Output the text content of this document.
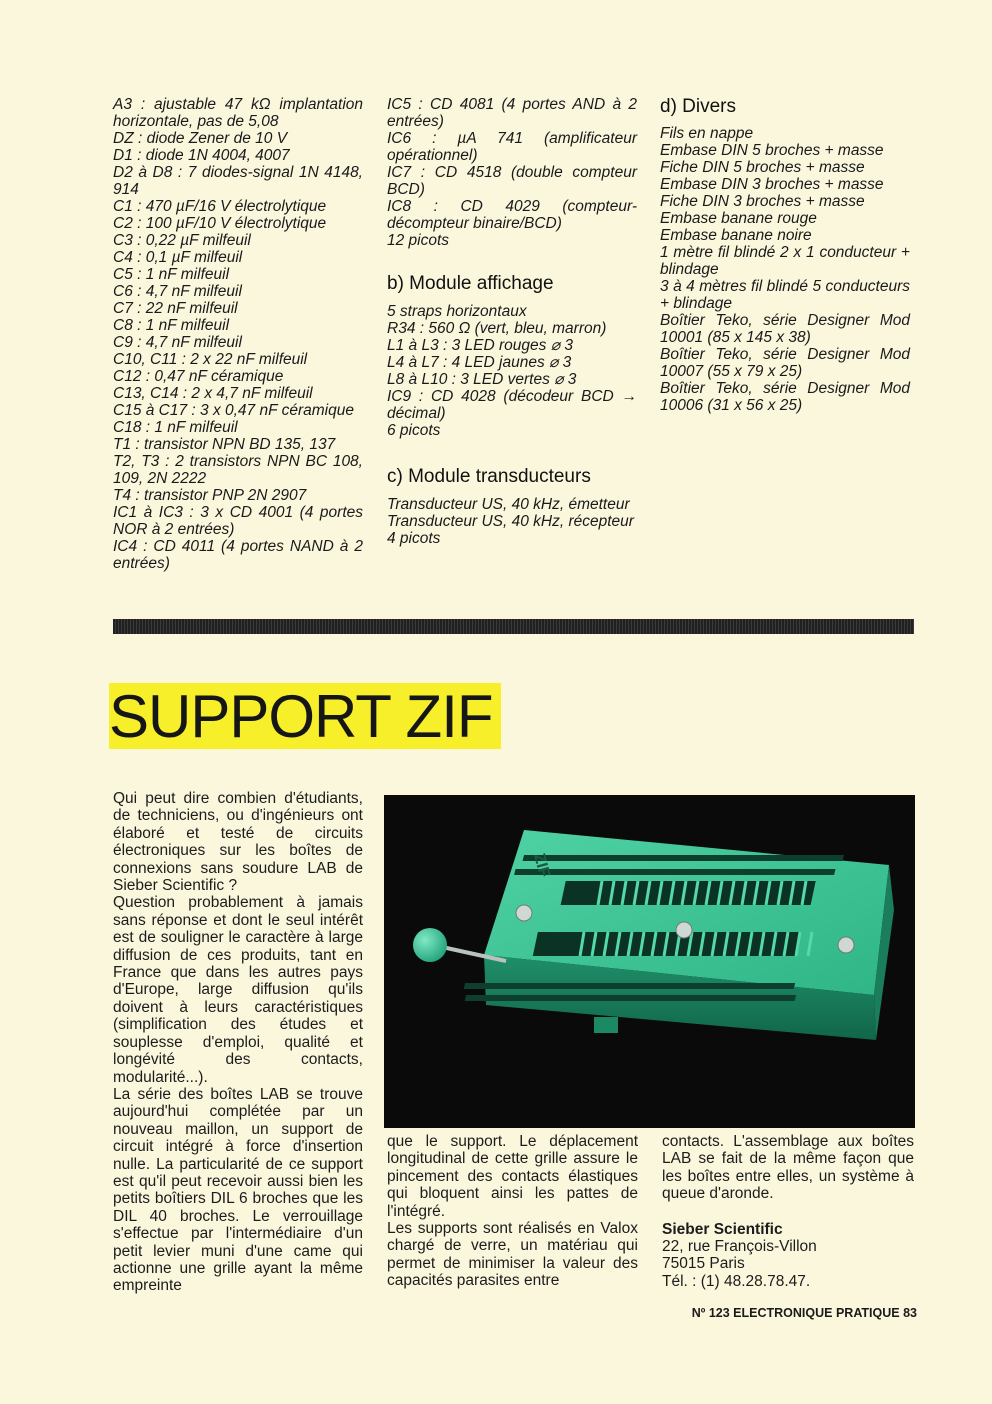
A3 : ajustable 47 kΩ implantation horizontale, pas de 5,08
DZ : diode Zener de 10 V
D1 : diode 1N 4004, 4007
D2 à D8 : 7 diodes-signal 1N 4148, 914
C1 : 470 µF/16 V électrolytique
C2 : 100 µF/10 V électrolytique
C3 : 0,22 µF milfeuil
C4 : 0,1 µF milfeuil
C5 : 1 nF milfeuil
C6 : 4,7 nF milfeuil
C7 : 22 nF milfeuil
C8 : 1 nF milfeuil
C9 : 4,7 nF milfeuil
C10, C11 : 2 x 22 nF milfeuil
C12 : 0,47 nF céramique
C13, C14 : 2 x 4,7 nF milfeuil
C15 à C17 : 3 x 0,47 nF céramique
C18 : 1 nF milfeuil
T1 : transistor NPN BD 135, 137
T2, T3 : 2 transistors NPN BC 108, 109, 2N 2222
T4 : transistor PNP 2N 2907
IC1 à IC3 : 3 x CD 4001 (4 portes NOR à 2 entrées)
IC4 : CD 4011 (4 portes NAND à 2 entrées)
IC5 : CD 4081 (4 portes AND à 2 entrées)
IC6 : µA 741 (amplificateur opérationnel)
IC7 : CD 4518 (double compteur BCD)
IC8 : CD 4029 (compteur-décompteur binaire/BCD)
12 picots
b) Module affichage
5 straps horizontaux
R34 : 560 Ω (vert, bleu, marron)
L1 à L3 : 3 LED rouges ⌀ 3
L4 à L7 : 4 LED jaunes ⌀ 3
L8 à L10 : 3 LED vertes ⌀ 3
IC9 : CD 4028 (décodeur BCD → décimal)
6 picots
c) Module transducteurs
Transducteur US, 40 kHz, émetteur
Transducteur US, 40 kHz, récepteur
4 picots
d) Divers
Fils en nappe
Embase DIN 5 broches + masse
Fiche DIN 5 broches + masse
Embase DIN 3 broches + masse
Fiche DIN 3 broches + masse
Embase banane rouge
Embase banane noire
1 mètre fil blindé 2 x 1 conducteur + blindage
3 à 4 mètres fil blindé 5 conducteurs + blindage
Boîtier Teko, série Designer Mod 10001 (85 x 145 x 38)
Boîtier Teko, série Designer Mod 10007 (55 x 79 x 25)
Boîtier Teko, série Designer Mod 10006 (31 x 56 x 25)
SUPPORT ZIF

Qui peut dire combien d'étudiants, de techniciens, ou d'ingénieurs ont élaboré et testé de circuits électroniques sur les boîtes de connexions sans soudure LAB de Sieber Scientific ?

Question probablement à jamais sans réponse et dont le seul intérêt est de souligner le caractère à large diffusion de ces produits, tant en France que dans les autres pays d'Europe, large diffusion qu'ils doivent à leurs caractéristiques (simplification des études et souplesse d'emploi, qualité et longévité des contacts, modularité...).

La série des boîtes LAB se trouve aujourd'hui complétée par un nouveau maillon, un support de circuit intégré à force d'insertion nulle. La particularité de ce support est qu'il peut recevoir aussi bien les petits boîtiers DIL 6 broches que les DIL 40 broches. Le verrouillage s'effectue par l'intermédiaire d'un petit levier muni d'une came qui actionne une grille ayant la même empreinte

ZIF

que le support. Le déplacement longitudinal de cette grille assure le pincement des contacts élastiques qui bloquent ainsi les pattes de l'intégré.

Les supports sont réalisés en Valox chargé de verre, un matériau qui permet de minimiser la valeur des capacités parasites entre

contacts. L'assemblage aux boîtes LAB se fait de la même façon que les boîtes entre elles, un système à queue d'aronde.

Sieber Scientific

22, rue François-Villon

75015 Paris

Tél. : (1) 48.28.78.47.

Nº 123 ELECTRONIQUE PRATIQUE 83
